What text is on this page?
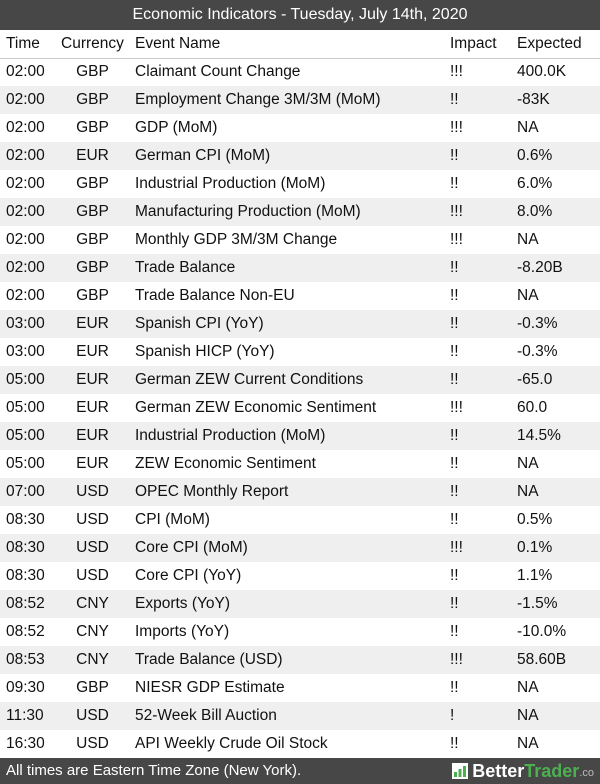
Economic Indicators - Tuesday, July 14th, 2020
Time	Currency	Event Name	Impact	Expected
02:00	GBP	Claimant Count Change	!!!	400.0K
02:00	GBP	Employment Change 3M/3M (MoM)	!!	-83K
02:00	GBP	GDP (MoM)	!!!	NA
02:00	EUR	German CPI (MoM)	!!	0.6%
02:00	GBP	Industrial Production (MoM)	!!	6.0%
02:00	GBP	Manufacturing Production (MoM)	!!!	8.0%
02:00	GBP	Monthly GDP 3M/3M Change	!!!	NA
02:00	GBP	Trade Balance	!!	-8.20B
02:00	GBP	Trade Balance Non-EU	!!	NA
03:00	EUR	Spanish CPI (YoY)	!!	-0.3%
03:00	EUR	Spanish HICP (YoY)	!!	-0.3%
05:00	EUR	German ZEW Current Conditions	!!	-65.0
05:00	EUR	German ZEW Economic Sentiment	!!!	60.0
05:00	EUR	Industrial Production (MoM)	!!	14.5%
05:00	EUR	ZEW Economic Sentiment	!!	NA
07:00	USD	OPEC Monthly Report	!!	NA
08:30	USD	CPI (MoM)	!!	0.5%
08:30	USD	Core CPI (MoM)	!!!	0.1%
08:30	USD	Core CPI (YoY)	!!	1.1%
08:52	CNY	Exports (YoY)	!!	-1.5%
08:52	CNY	Imports (YoY)	!!	-10.0%
08:53	CNY	Trade Balance (USD)	!!!	58.60B
09:30	GBP	NIESR GDP Estimate	!!	NA
11:30	USD	52-Week Bill Auction	!	NA
16:30	USD	API Weekly Crude Oil Stock	!!	NA
All times are Eastern Time Zone (New York).	Better Trader .co
